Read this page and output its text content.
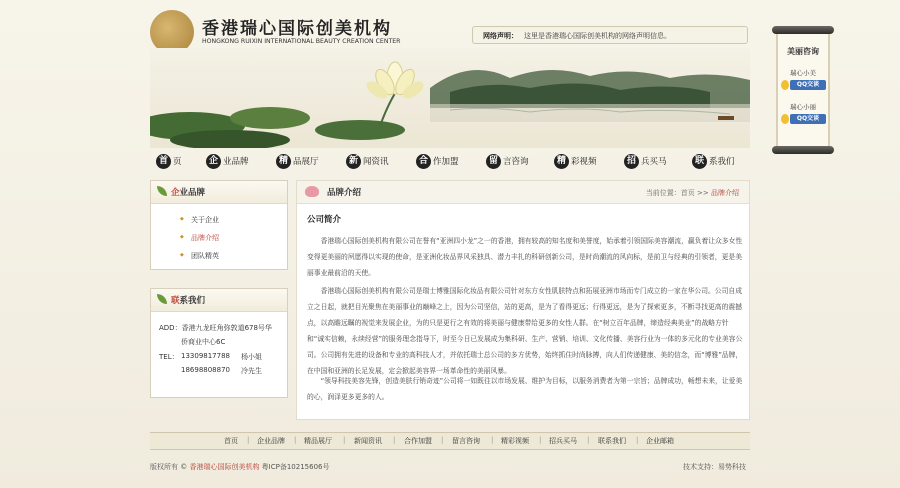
香港瑞心国际创美机构
HONGKONG RUIXIN INTERNATIONAL BEAUTY CREATION CENTER
网络声明： 这里是香港瑞心国际创美机构的网络声明信息。
首 页	企 业品牌	精 品展厅	新 闻资讯	合 作加盟	留 言咨询	精 彩视频	招 兵买马	联 系我们
企业品牌
◆ 关于企业
◆ 品牌介绍
◆ 团队精英
联系我们
ADD：香港九龙旺角弥敦道678号华
侨商业中心6C
TEL： 13309817788 杨小姐
18698808870 冷先生
品牌介绍	当前位置：首页 >> 品牌介绍
公司简介
香港瑞心国际创美机构有限公司在誉有“亚洲四小龙”之一的香港，拥有较高的知名度和美誉度，始承着引领国际美容潮流，赢负着让众多女性变得更美丽的夙愿得以实现的使命，是亚洲化妆品界风采独具、潜力丰扎的科研创新公司，是时尚潮流的风向标，是前卫与经典的引领者，更是美丽事业最前沿的天使。
香港瑞心国际创美机构有限公司是瑞士博雅国际化妆品有限公司针对东方女性肌肤特点和拓展亚洲市场而专门成立的一家在华公司。公司自成立之日起，就把目光聚焦在美丽事业的巅峰之上，因为公司坚信，站的更高，是为了看得更远；行得更远，是为了探索更多，不断寻找更高的震撼点，以高瞻远瞩的视觉来发展企业，为的只是更行之有效的将美丽与健康带给更多的女性人群。在“树立百年品牌，缔造经典美业”的战略方针和“诚实信赖，永续经营”的服务理念指导下，时至今日已发展成为集科研、生产、营销、培训、文化传播、美容行业为一体的多元化的专业美容公司。公司拥有先进的设备和专业的高科技人才，并依托瑞士总公司的多方优势，始终抓住时尚脉搏，向人们传递健康、美的信念，而“博雅”品牌，在中国和亚洲的长足发展，定会掀起美容界一场革命性的美丽风暴。
“领导科技美容先锋，创造美肤行销奇迹”公司将一如既往以市场发展、维护为目标，以服务消费者为第一宗旨；品牌成功，畅想未来，让爱美的心，润泽更多更多的人。
首页 | 企业品牌 | 精品展厅 | 新闻资讯 | 合作加盟 | 留言咨询 | 精彩视频 | 招兵买马 | 联系我们 | 企业邮箱
版权所有 © 香港瑞心国际创美机构 粤ICP备10215606号	技术支持：易势科技
美丽咨询
瑞心小美
QQ交谈
瑞心小丽
QQ交谈
